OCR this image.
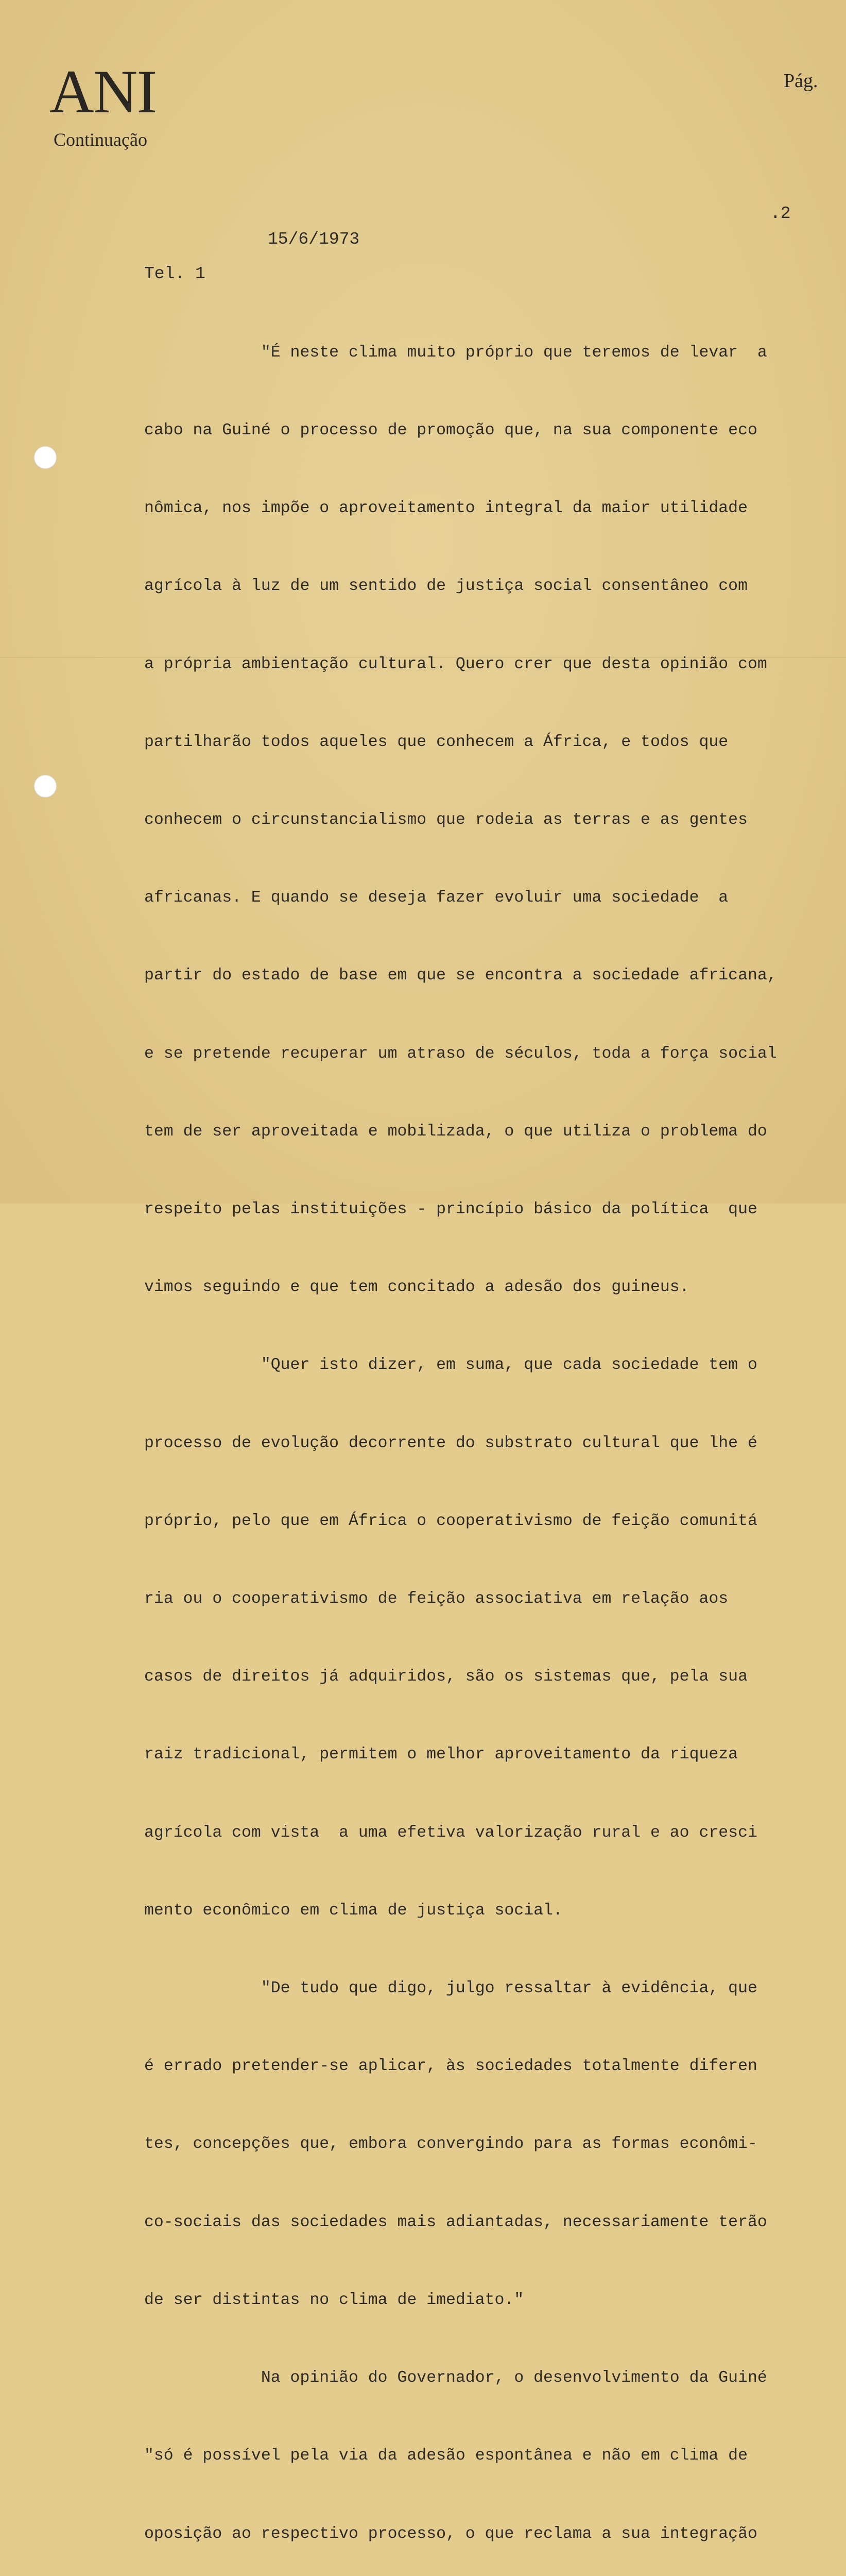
ANI
Continuação
Pág.
.2
15/6/1973
Tel. 1

"É neste clima muito próprio que teremos de levar  a

cabo na Guiné o processo de promoção que, na sua componente eco

nômica, nos impõe o aproveitamento integral da maior utilidade

agrícola à luz de um sentido de justiça social consentâneo com

a própria ambientação cultural. Quero crer que desta opinião com

partilharão todos aqueles que conhecem a África, e todos que

conhecem o circunstancialismo que rodeia as terras e as gentes

africanas. E quando se deseja fazer evoluir uma sociedade  a

partir do estado de base em que se encontra a sociedade africana,

e se pretende recuperar um atraso de séculos, toda a força social

tem de ser aproveitada e mobilizada, o que utiliza o problema do

respeito pelas instituições - princípio básico da política  que

vimos seguindo e que tem concitado a adesão dos guineus.

"Quer isto dizer, em suma, que cada sociedade tem o

processo de evolução decorrente do substrato cultural que lhe é

próprio, pelo que em África o cooperativismo de feição comunitá

ria ou o cooperativismo de feição associativa em relação aos

casos de direitos já adquiridos, são os sistemas que, pela sua

raiz tradicional, permitem o melhor aproveitamento da riqueza

agrícola com vista  a uma efetiva valorização rural e ao cresci

mento econômico em clima de justiça social.

"De tudo que digo, julgo ressaltar à evidência, que

é errado pretender-se aplicar, às sociedades totalmente diferen

tes, concepções que, embora convergindo para as formas econômi-

co-sociais das sociedades mais adiantadas, necessariamente terão

de ser distintas no clima de imediato."

Na opinião do Governador, o desenvolvimento da Guiné

"só é possível pela via da adesão espontânea e não em clima de

oposição ao respectivo processo, o que reclama a sua integração
